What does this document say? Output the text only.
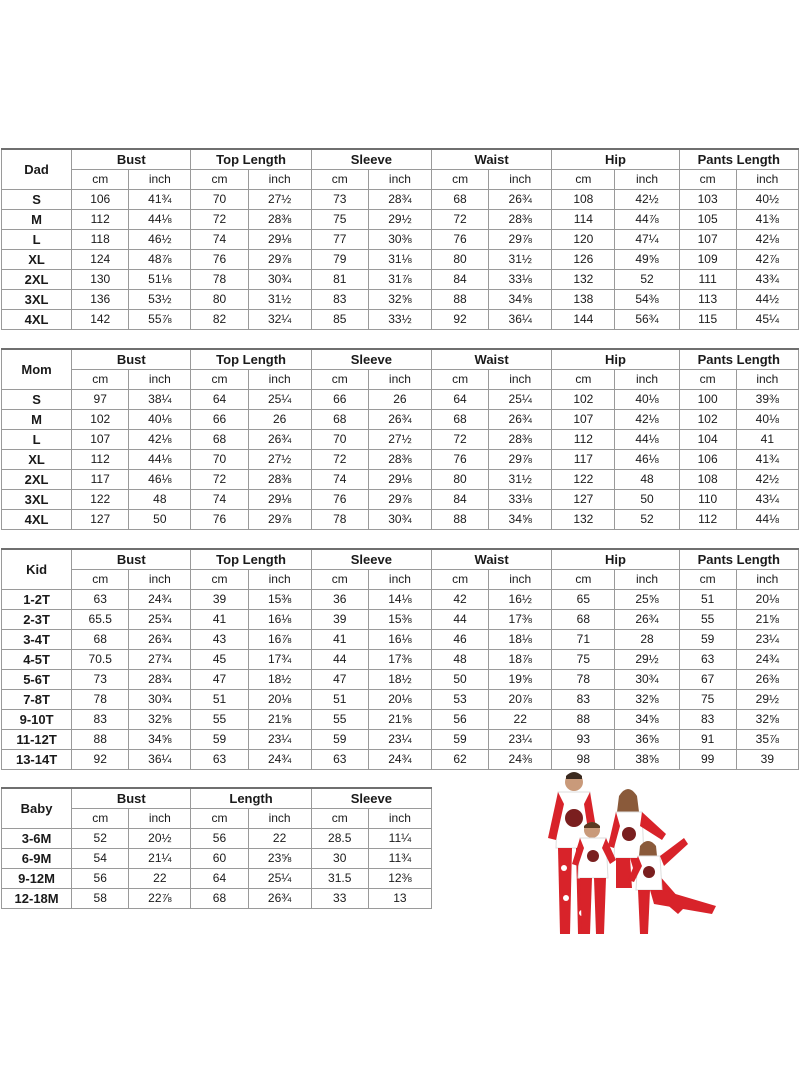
Dad	Bust		Top Length		Sleeve		Waist		Hip		Pants Length	
	cm	inch	cm	inch	cm	inch	cm	inch	cm	inch	cm	inch
S	106	41¾	70	27½	73	28¾	68	26¾	108	42½	103	40½
M	112	44⅛	72	28⅜	75	29½	72	28⅜	114	44⅞	105	41⅜
L	118	46½	74	29⅛	77	30⅜	76	29⅞	120	47¼	107	42⅛
XL	124	48⅞	76	29⅞	79	31⅛	80	31½	126	49⅝	109	42⅞
2XL	130	51⅛	78	30¾	81	31⅞	84	33⅛	132	52	111	43¾
3XL	136	53½	80	31½	83	32⅝	88	34⅝	138	54⅜	113	44½
4XL	142	55⅞	82	32¼	85	33½	92	36¼	144	56¾	115	45¼
Mom	Bust		Top Length		Sleeve		Waist		Hip		Pants Length	
	cm	inch	cm	inch	cm	inch	cm	inch	cm	inch	cm	inch
S	97	38¼	64	25¼	66	26	64	25¼	102	40⅛	100	39⅜
M	102	40⅛	66	26	68	26¾	68	26¾	107	42⅛	102	40⅛
L	107	42⅛	68	26¾	70	27½	72	28⅜	112	44⅛	104	41
XL	112	44⅛	70	27½	72	28⅜	76	29⅞	117	46⅛	106	41¾
2XL	117	46⅛	72	28⅜	74	29⅛	80	31½	122	48	108	42½
3XL	122	48	74	29⅛	76	29⅞	84	33⅛	127	50	110	43¼
4XL	127	50	76	29⅞	78	30¾	88	34⅝	132	52	112	44⅛
Kid	Bust		Top Length		Sleeve		Waist		Hip		Pants Length	
	cm	inch	cm	inch	cm	inch	cm	inch	cm	inch	cm	inch
1-2T	63	24¾	39	15⅜	36	14⅛	42	16½	65	25⅝	51	20⅛
2-3T	65.5	25¾	41	16⅛	39	15⅜	44	17⅜	68	26¾	55	21⅝
3-4T	68	26¾	43	16⅞	41	16⅛	46	18⅛	71	28	59	23¼
4-5T	70.5	27¾	45	17¾	44	17⅜	48	18⅞	75	29½	63	24¾
5-6T	73	28¾	47	18½	47	18½	50	19⅝	78	30¾	67	26⅜
7-8T	78	30¾	51	20⅛	51	20⅛	53	20⅞	83	32⅝	75	29½
9-10T	83	32⅝	55	21⅝	55	21⅝	56	22	88	34⅝	83	32⅝
11-12T	88	34⅝	59	23¼	59	23¼	59	23¼	93	36⅝	91	35⅞
13-14T	92	36¼	63	24¾	63	24¾	62	24⅜	98	38⅝	99	39
Baby	Bust		Length		Sleeve	
	cm	inch	cm	inch	cm	inch
3-6M	52	20½	56	22	28.5	11¼
6-9M	54	21¼	60	23⅝	30	11¾
9-12M	56	22	64	25¼	31.5	12⅜
12-18M	58	22⅞	68	26¾	33	13
